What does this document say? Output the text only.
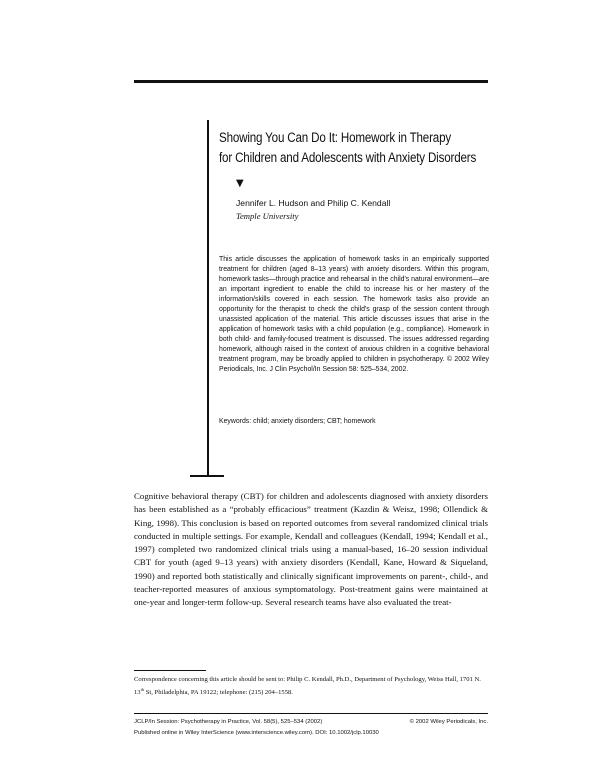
Showing You Can Do It: Homework in Therapy
for Children and Adolescents with Anxiety Disorders
▼
Jennifer L. Hudson and Philip C. Kendall
Temple University
This article discusses the application of homework tasks in an empirically supported treatment for children (aged 8–13 years) with anxiety disorders. Within this program, homework tasks—through practice and rehearsal in the child's natural environment—are an important ingredient to enable the child to increase his or her mastery of the information/skills covered in each session. The homework tasks also provide an opportunity for the therapist to check the child's grasp of the session content through unassisted application of the material. This article discusses issues that arise in the application of homework tasks with a child population (e.g., compliance). Homework in both child- and family-focused treatment is discussed. The issues addressed regarding homework, although raised in the context of anxious children in a cognitive behavioral treatment program, may be broadly applied to children in psychotherapy. © 2002 Wiley Periodicals, Inc. J Clin Psychol/In Session 58: 525–534, 2002.
Keywords: child; anxiety disorders; CBT; homework
Cognitive behavioral therapy (CBT) for children and adolescents diagnosed with anxiety disorders has been established as a “probably efficacious” treatment (Kazdin & Weisz, 1998; Ollendick & King, 1998). This conclusion is based on reported outcomes from several randomized clinical trials conducted in multiple settings. For example, Kendall and colleagues (Kendall, 1994; Kendall et al., 1997) completed two randomized clinical trials using a manual-based, 16–20 session individual CBT for youth (aged 9–13 years) with anxiety disorders (Kendall, Kane, Howard & Siqueland, 1990) and reported both statistically and clinically significant improvements on parent-, child-, and teacher-reported measures of anxious symptomatology. Post-treatment gains were maintained at one-year and longer-term follow-up. Several research teams have also evaluated the treat-
Correspondence concerning this article should be sent to: Philip C. Kendall, Ph.D., Department of Psychology, Weiss Hall, 1701 N. 13th St, Philadelphia, PA 19122; telephone: (215) 204–1558.
JCLP/In Session: Psychotherapy in Practice, Vol. 58(5), 525–534 (2002)	© 2002 Wiley Periodicals, Inc.
Published online in Wiley InterScience (www.interscience.wiley.com). DOI: 10.1002/jclp.10030
